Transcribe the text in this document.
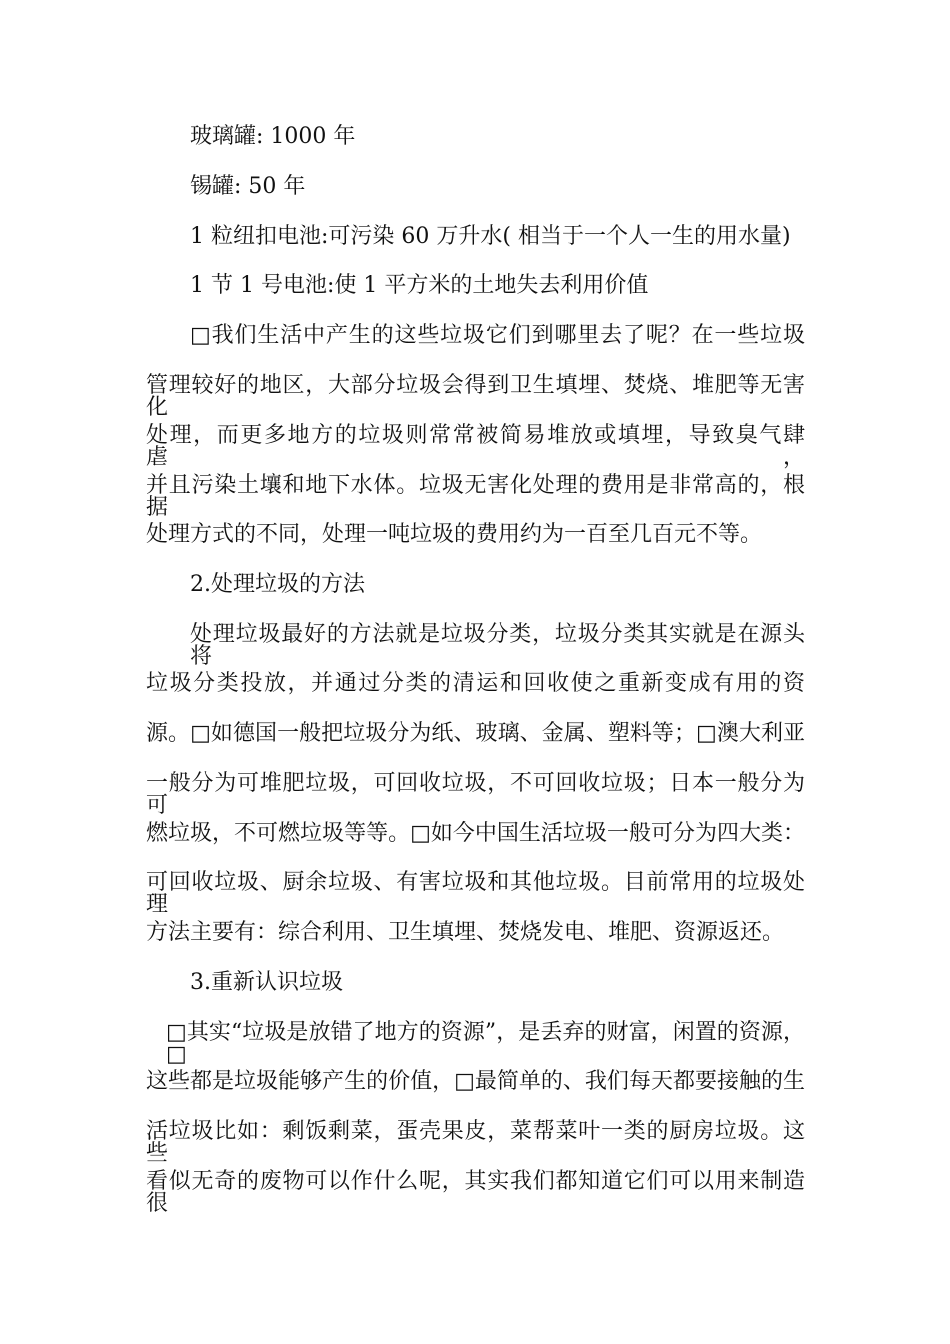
玻璃罐: 1000 年
锡罐: 50 年
1 粒纽扣电池:可污染 60 万升水( 相当于一个人一生的用水量)
1 节 1 号电池:使 1 平方米的土地失去利用价值
□我们生活中产生的这些垃圾它们到哪里去了呢？在一些垃圾
管理较好的地区，大部分垃圾会得到卫生填埋、焚烧、堆肥等无害化
处理，而更多地方的垃圾则常常被简易堆放或填埋，导致臭气肆虐，
并且污染土壤和地下水体。垃圾无害化处理的费用是非常高的，根据
处理方式的不同，处理一吨垃圾的费用约为一百至几百元不等。
2.处理垃圾的方法
处理垃圾最好的方法就是垃圾分类，垃圾分类其实就是在源头将
垃圾分类投放，并通过分类的清运和回收使之重新变成有用的资
源。□如德国一般把垃圾分为纸、玻璃、金属、塑料等；□澳大利亚
一般分为可堆肥垃圾，可回收垃圾，不可回收垃圾；日本一般分为可
燃垃圾，不可燃垃圾等等。□如今中国生活垃圾一般可分为四大类：
可回收垃圾、厨余垃圾、有害垃圾和其他垃圾。目前常用的垃圾处理
方法主要有：综合利用、卫生填埋、焚烧发电、堆肥、资源返还。
3.重新认识垃圾
□其实“垃圾是放错了地方的资源”，是丢弃的财富，闲置的资源，□
这些都是垃圾能够产生的价值，□最简单的、我们每天都要接触的生
活垃圾比如：剩饭剩菜，蛋壳果皮，菜帮菜叶一类的厨房垃圾。这些
看似无奇的废物可以作什么呢，其实我们都知道它们可以用来制造很
